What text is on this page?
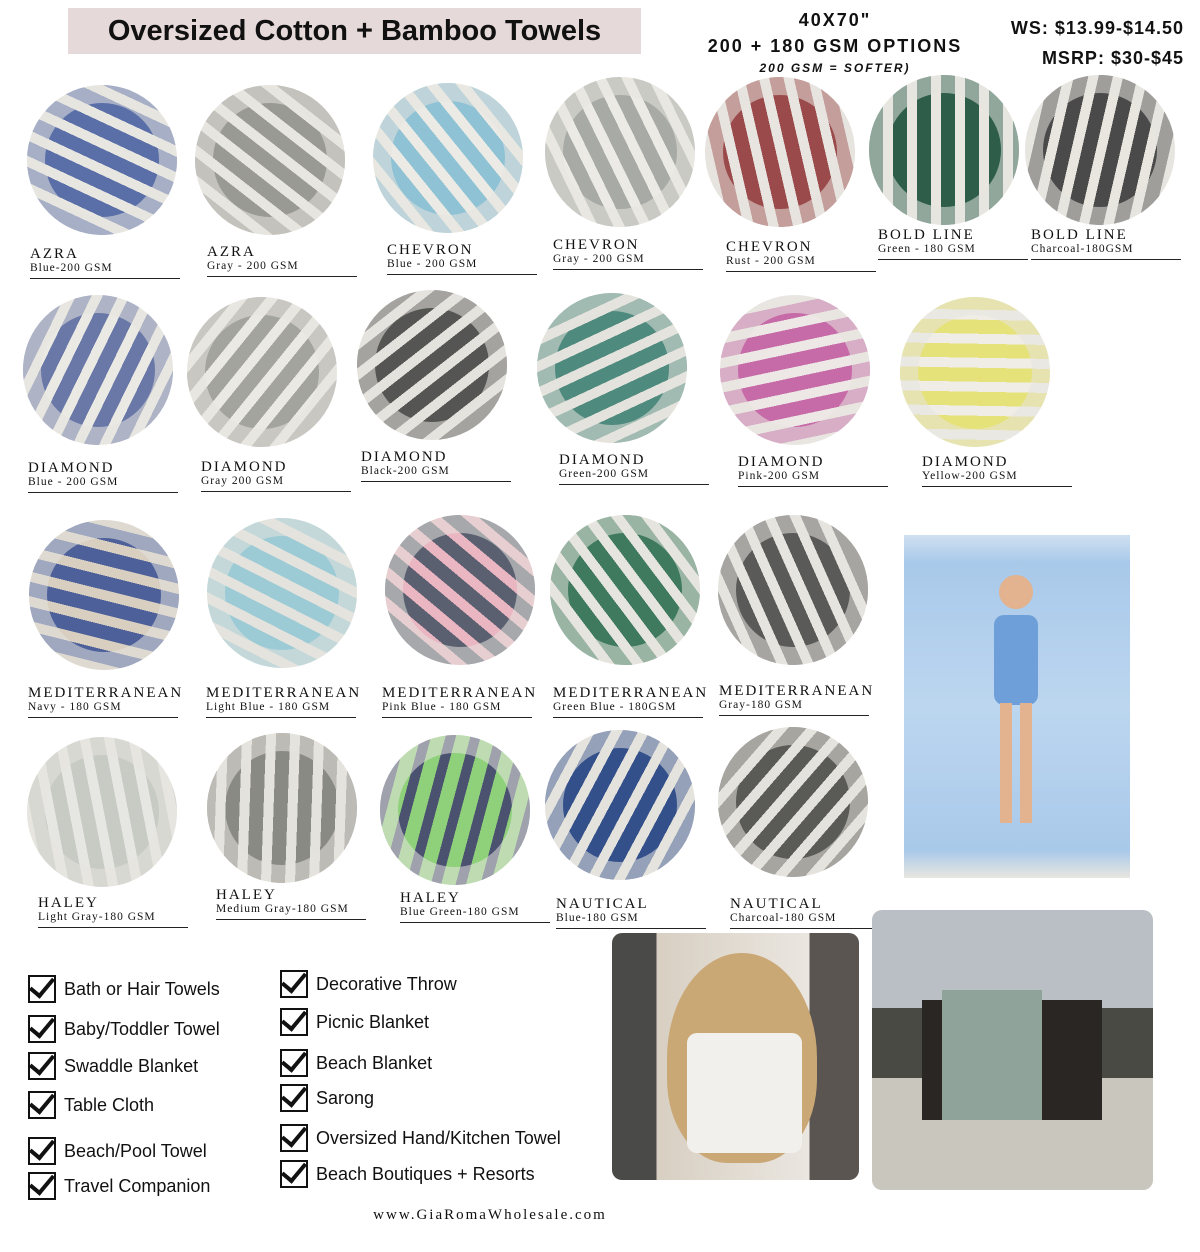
Oversized Cotton + Bamboo Towels	40X70"
200 + 180 GSM OPTIONS
200 GSM = SOFTER)
WS: $13.99-$14.50
MSRP: $30-$45
AZRA
Blue-200 GSM
AZRA
Gray - 200 GSM
CHEVRON
Blue - 200 GSM
CHEVRON
Gray - 200 GSM
CHEVRON
Rust - 200 GSM
BOLD LINE
Green - 180 GSM
BOLD LINE
Charcoal-180GSM
DIAMOND
Blue - 200 GSM
DIAMOND
Gray 200 GSM
DIAMOND
Black-200 GSM
DIAMOND
Green-200 GSM
DIAMOND
Pink-200 GSM
DIAMOND
Yellow-200 GSM
MEDITERRANEAN
Navy - 180 GSM
MEDITERRANEAN
Light Blue - 180 GSM
MEDITERRANEAN
Pink Blue - 180 GSM
MEDITERRANEAN
Green Blue - 180GSM
MEDITERRANEAN
Gray-180 GSM
HALEY
Light Gray-180 GSM
HALEY
Medium Gray-180 GSM
HALEY
Blue Green-180 GSM	NAUTICAL
Blue-180 GSM
NAUTICAL
Charcoal-180 GSM
Bath or Hair Towels
Baby/Toddler Towel
Swaddle Blanket
Table Cloth
Beach/Pool Towel
Travel Companion
Decorative Throw
Picnic Blanket
Beach Blanket
Sarong
Oversized Hand/Kitchen Towel
Beach Boutiques + Resorts
www.GiaRomaWholesale.com
